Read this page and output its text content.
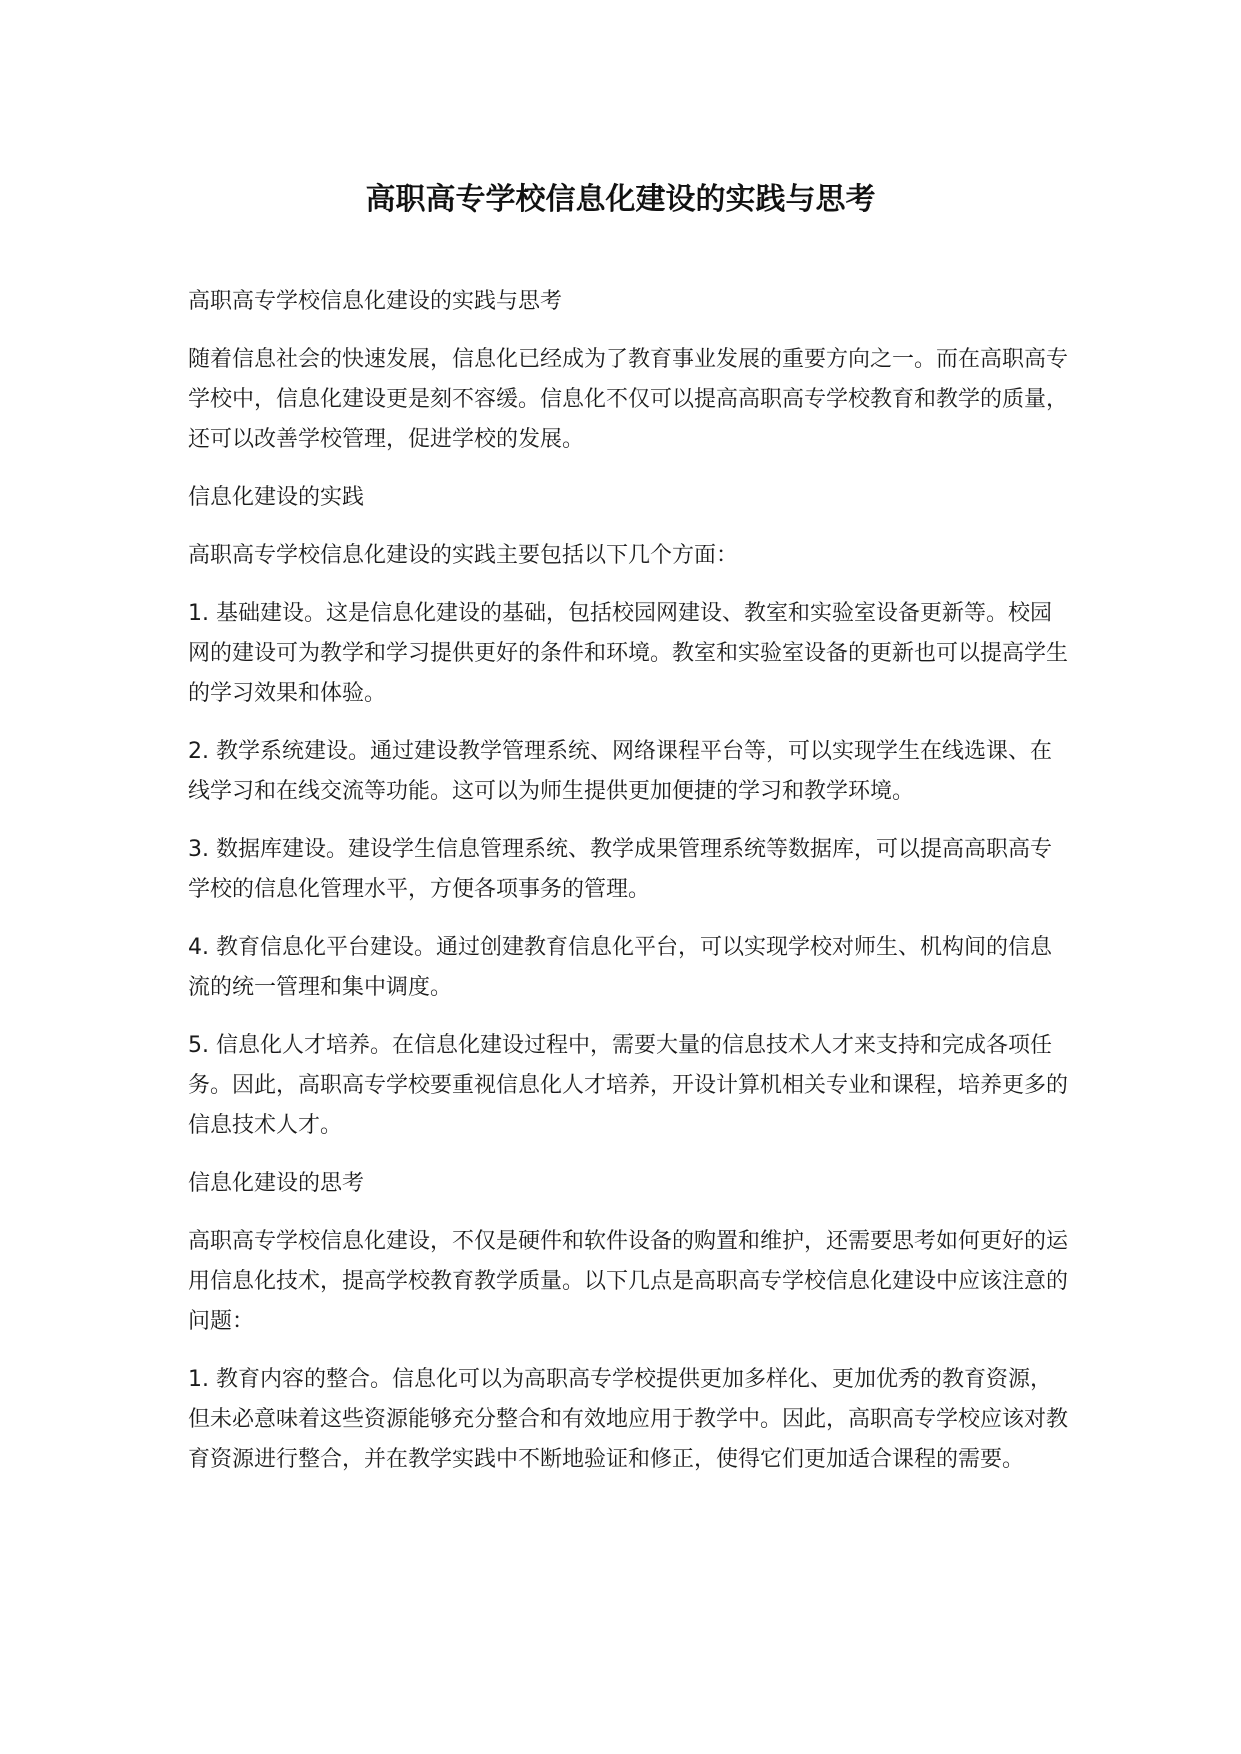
高职高专学校信息化建设的实践与思考

高职高专学校信息化建设的实践与思考

随着信息社会的快速发展，信息化已经成为了教育事业发展的重要方向之一。而在高职高专学校中，信息化建设更是刻不容缓。信息化不仅可以提高高职高专学校教育和教学的质量，还可以改善学校管理，促进学校的发展。

信息化建设的实践

高职高专学校信息化建设的实践主要包括以下几个方面：

1. 基础建设。这是信息化建设的基础，包括校园网建设、教室和实验室设备更新等。校园网的建设可为教学和学习提供更好的条件和环境。教室和实验室设备的更新也可以提高学生的学习效果和体验。

2. 教学系统建设。通过建设教学管理系统、网络课程平台等，可以实现学生在线选课、在线学习和在线交流等功能。这可以为师生提供更加便捷的学习和教学环境。

3. 数据库建设。建设学生信息管理系统、教学成果管理系统等数据库，可以提高高职高专学校的信息化管理水平，方便各项事务的管理。

4. 教育信息化平台建设。通过创建教育信息化平台，可以实现学校对师生、机构间的信息流的统一管理和集中调度。

5. 信息化人才培养。在信息化建设过程中，需要大量的信息技术人才来支持和完成各项任务。因此，高职高专学校要重视信息化人才培养，开设计算机相关专业和课程，培养更多的信息技术人才。

信息化建设的思考

高职高专学校信息化建设，不仅是硬件和软件设备的购置和维护，还需要思考如何更好的运用信息化技术，提高学校教育教学质量。以下几点是高职高专学校信息化建设中应该注意的问题：

1. 教育内容的整合。信息化可以为高职高专学校提供更加多样化、更加优秀的教育资源，但未必意味着这些资源能够充分整合和有效地应用于教学中。因此，高职高专学校应该对教育资源进行整合，并在教学实践中不断地验证和修正，使得它们更加适合课程的需要。
